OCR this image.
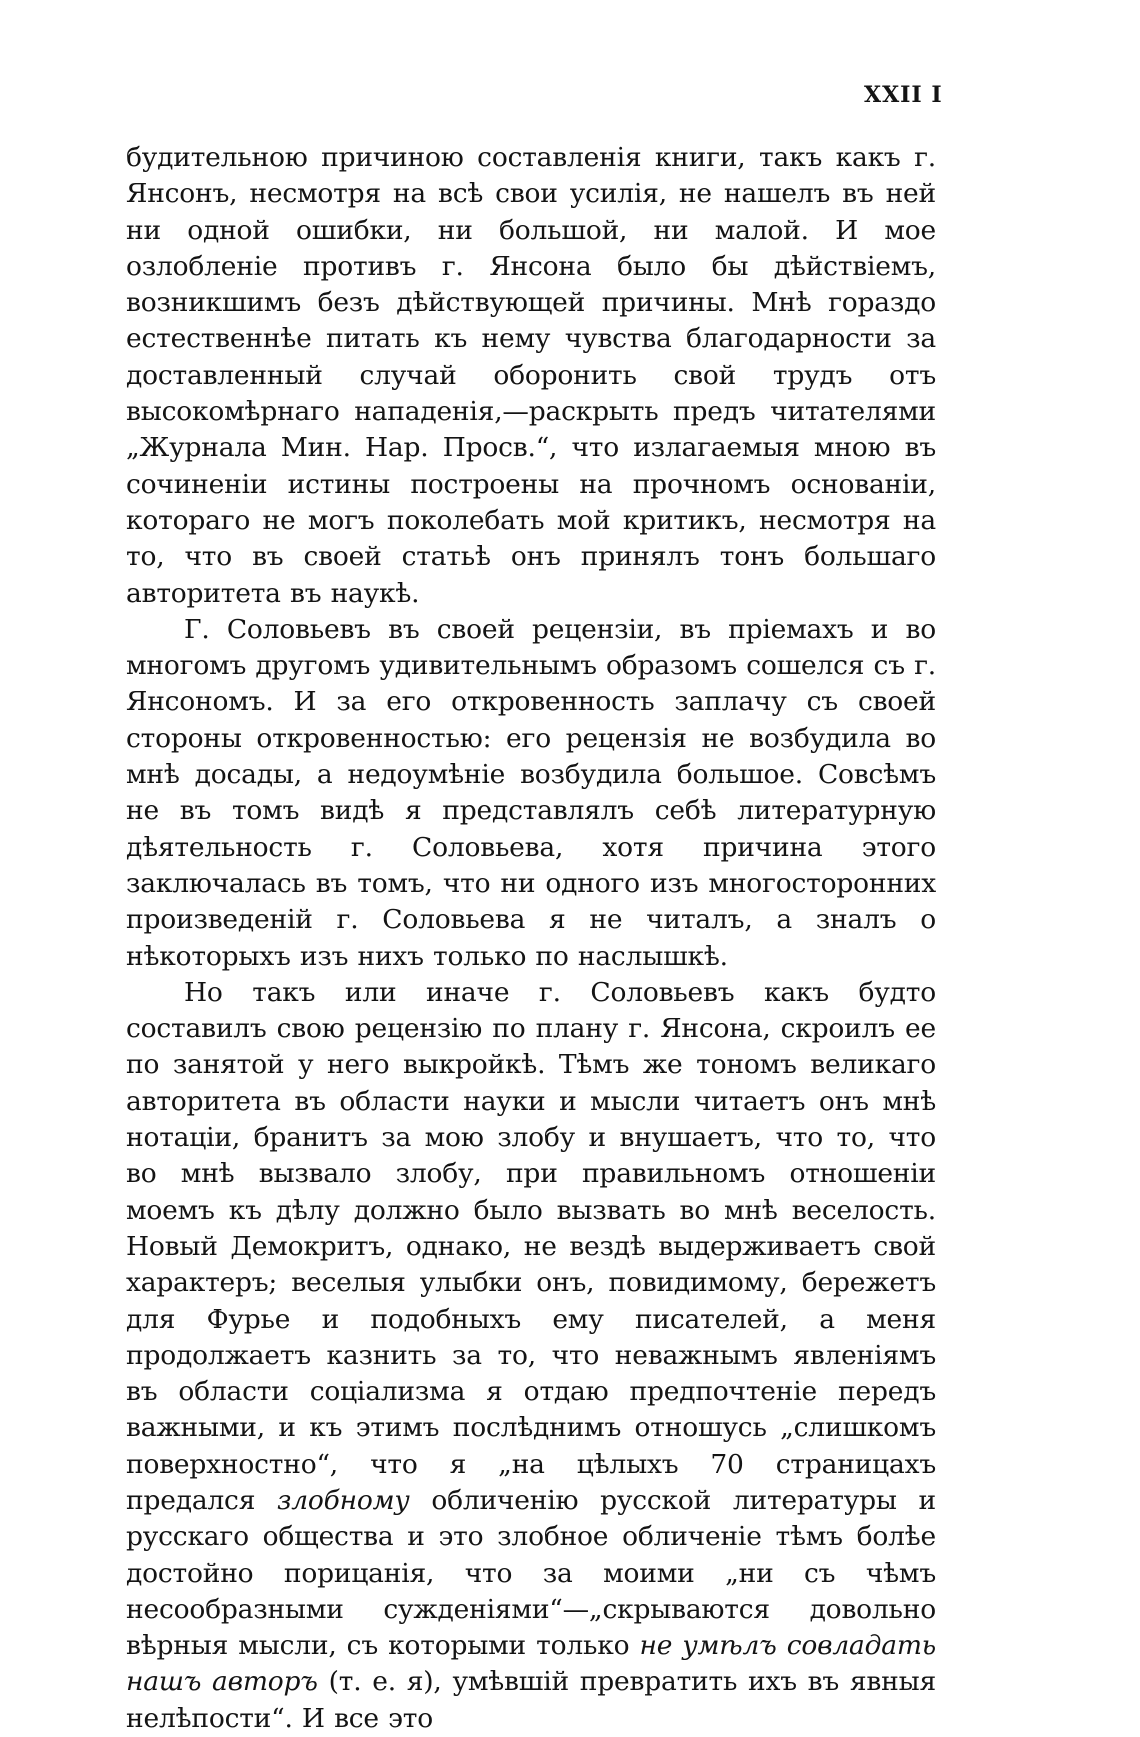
XXII I

будительною причиною составленія книги, такъ какъ г. Янсонъ, несмотря на всѣ свои усилія, не нашелъ въ ней ни одной ошибки, ни большой, ни малой. И мое озлобленіе противъ г. Янсона было бы дѣйствіемъ, возникшимъ безъ дѣйствующей причины. Мнѣ гораздо естественнѣе питать къ нему чувства благодарности за доставленный случай оборонить свой трудъ отъ высокомѣрнаго нападенія,—раскрыть предъ читателями „Журнала Мин. Нар. Просв.“, что излагаемыя мною въ сочиненіи истины построены на прочномъ основаніи, котораго не могъ поколебать мой критикъ, несмотря на то, что въ своей статьѣ онъ принялъ тонъ большаго авторитета въ наукѣ.

Г. Соловьевъ въ своей рецензіи, въ пріемахъ и во многомъ другомъ удивительнымъ образомъ сошелся съ г. Янсономъ. И за его откровенность заплачу съ своей стороны откровенностью: его рецензія не возбудила во мнѣ досады, а недоумѣніе возбудила большое. Совсѣмъ не въ томъ видѣ я представлялъ себѣ литературную дѣятельность г. Соловьева, хотя причина этого заключалась въ томъ, что ни одного изъ многосторонних произведеній г. Соловьева я не читалъ, а зналъ о нѣкоторыхъ изъ нихъ только по наслышкѣ.

Но такъ или иначе г. Соловьевъ какъ будто составилъ свою рецензію по плану г. Янсона, скроилъ ее по занятой у него выкройкѣ. Тѣмъ же тономъ великаго авторитета въ области науки и мысли читаетъ онъ мнѣ нотаціи, бранитъ за мою злобу и внушаетъ, что то, что во мнѣ вызвало злобу, при правильномъ отношеніи моемъ къ дѣлу должно было вызвать во мнѣ веселость. Новый Демокритъ, однако, не вездѣ выдерживаетъ свой характеръ; веселыя улыбки онъ, повидимому, бережетъ для Фурье и подобныхъ ему писателей, а меня продолжаетъ казнить за то, что неважнымъ явленіямъ въ области соціализма я отдаю предпочтеніе передъ важными, и къ этимъ послѣднимъ отношусь „слишкомъ поверхностно“, что я „на цѣлыхъ 70 страницахъ предался злобному обличенію русской литературы и русскаго общества и это злобное обличеніе тѣмъ болѣе достойно порицанія, что за моими „ни съ чѣмъ несообразными сужденіями“—„скрываются довольно вѣрныя мысли, съ которыми только не умѣлъ совладать нашъ авторъ (т. е. я), умѣвшій превратить ихъ въ явныя нелѣпости“. И все это
